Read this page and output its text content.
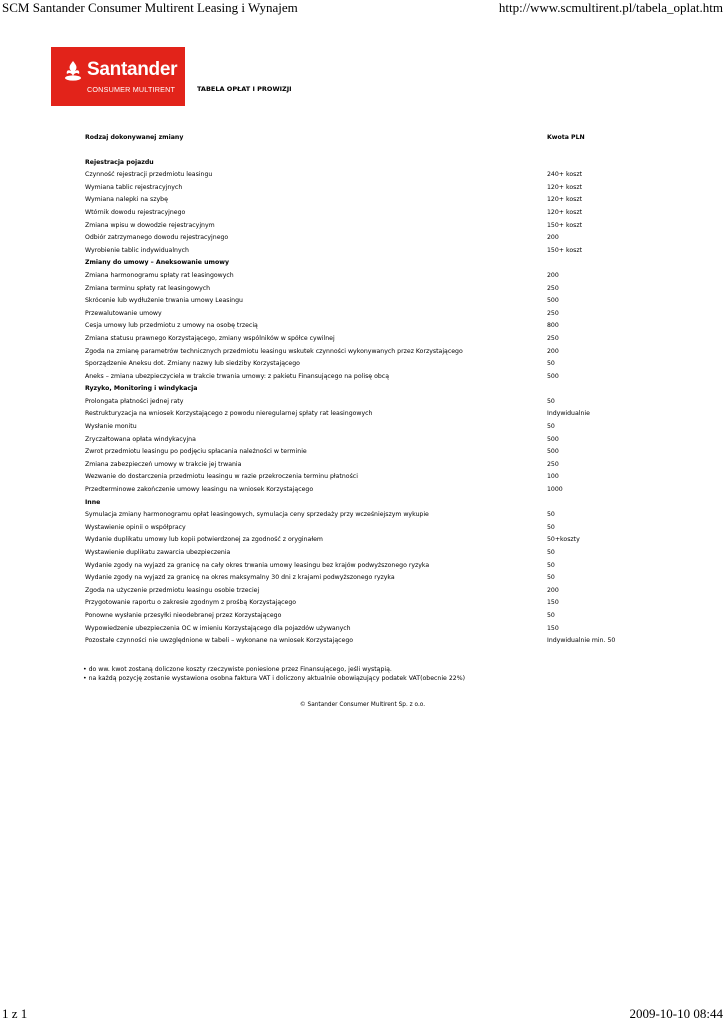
SCM Santander Consumer Multirent Leasing i Wynajem	http://www.scmultirent.pl/tabela_oplat.htm
Santander
CONSUMER MULTIRENT	TABELA OPŁAT I PROWIZJI
Rodzaj dokonywanej zmiany	Kwota PLN
Rejestracja pojazdu
Czynność rejestracji przedmiotu leasingu	240+ koszt
Wymiana tablic rejestracyjnych	120+ koszt
Wymiana nalepki na szybę	120+ koszt
Wtórnik dowodu rejestracyjnego	120+ koszt
Zmiana wpisu w dowodzie rejestracyjnym	150+ koszt
Odbiór zatrzymanego dowodu rejestracyjnego	200
Wyrobienie tablic indywidualnych	150+ koszt
Zmiany do umowy – Aneksowanie umowy
Zmiana harmonogramu spłaty rat leasingowych	200
Zmiana terminu spłaty rat leasingowych	250
Skrócenie lub wydłużenie trwania umowy Leasingu	500
Przewalutowanie umowy	250
Cesja umowy lub przedmiotu z umowy na osobę trzecią	800
Zmiana statusu prawnego Korzystającego, zmiany wspólników w spółce cywilnej	250
Zgoda na zmianę parametrów technicznych przedmiotu leasingu wskutek czynności wykonywanych przez Korzystającego	200
Sporządzenie Aneksu dot. Zmiany nazwy lub siedziby Korzystającego	50
Aneks – zmiana ubezpieczyciela w trakcie trwania umowy: z pakietu Finansującego na polisę obcą	500
Ryzyko, Monitoring i windykacja
Prolongata płatności jednej raty	50
Restrukturyzacja na wniosek Korzystającego z powodu nieregularnej spłaty rat leasingowych	Indywidualnie
Wysłanie monitu	50
Zryczałtowana opłata windykacyjna	500
Zwrot przedmiotu leasingu po podjęciu spłacania należności w terminie	500
Zmiana zabezpieczeń umowy w trakcie jej trwania	250
Wezwanie do dostarczenia przedmiotu leasingu w razie przekroczenia terminu płatności	100
Przedterminowe zakończenie umowy leasingu na wniosek Korzystającego	1000
Inne
Symulacja zmiany harmonogramu opłat leasingowych, symulacja ceny sprzedaży przy wcześniejszym wykupie	50
Wystawienie opinii o współpracy	50
Wydanie duplikatu umowy lub kopii potwierdzonej za zgodność z oryginałem	50+koszty
Wystawienie duplikatu zawarcia ubezpieczenia	50
Wydanie zgody na wyjazd za granicę na cały okres trwania umowy leasingu bez krajów podwyższonego ryzyka	50
Wydanie zgody na wyjazd za granicę na okres maksymalny 30 dni z krajami podwyższonego ryzyka	50
Zgoda na użyczenie przedmiotu leasingu osobie trzeciej	200
Przygotowanie raportu o zakresie zgodnym z prośbą Korzystającego	150
Ponowne wysłanie przesyłki nieodebranej przez Korzystającego	50
Wypowiedzenie ubezpieczenia OC w imieniu Korzystającego dla pojazdów używanych	150
Pozostałe czynności nie uwzględnione w tabeli – wykonane na wniosek Korzystającego	Indywidualnie min. 50
• do ww. kwot zostaną doliczone koszty rzeczywiste poniesione przez Finansującego, jeśli wystąpią.
• na każdą pozycję zostanie wystawiona osobna faktura VAT i doliczony aktualnie obowiązujący podatek VAT(obecnie 22%)
© Santander Consumer Multirent Sp. z o.o.
1 z 1	2009-10-10 08:44
